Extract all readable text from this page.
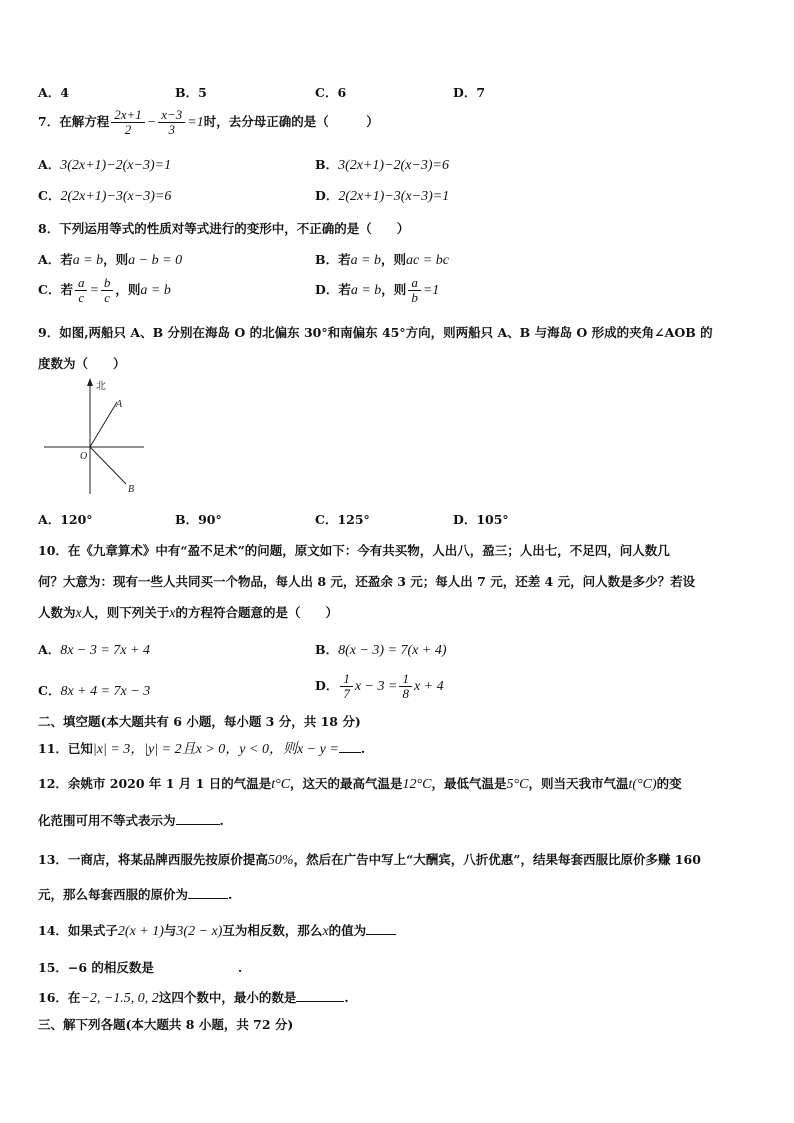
A．4	B．5	C．6	D．7
7．在解方程 $\frac{2x+1}{2} - \frac{x-3}{3} =1$时，去分母正确的是（　　　）
A．3(2x+1)−2(x−3)=1	B．3(2x+1)−2(x−3)=6
C．2(2x+1)−3(x−3)=6	D．2(2x+1)−3(x−3)=1
8．下列运用等式的性质对等式进行的变形中，不正确的是（　　）
A．若a = b，则a − b = 0	B．若a = b，则ac = bc
C．若 $\frac{a}{c} = \frac{b}{c}$ ，则a = b	D．若a = b，则 $\frac{a}{b} =1$
9．如图,两船只 A、B 分别在海岛 O 的北偏东 30°和南偏东 45°方向，则两船只 A、B 与海岛 O 形成的夹角∠AOB 的
度数为（　　）
北
A
O
B
A．120°	B．90°	C．125°	D．105°
10．在《九章算术》中有“盈不足术”的问题，原文如下：今有共买物，人出八，盈三；人出七，不足四，问人数几
何？大意为：现有一些人共同买一个物品，每人出 8 元，还盈余 3 元；每人出 7 元，还差 4 元，问人数是多少？若设
人数为x人，则下列关于x的方程符合题意的是（　　）
A．8x − 3 = 7x + 4	B．8(x − 3) = 7(x + 4)
C．8x + 4 = 7x − 3	D． $\frac{1}{7}$ $x - 3 = \frac{1}{8}$ x + 4
二、填空题(本大题共有 6 小题，每小题 3 分，共 18 分)
11．已知|x| = 3，|y| = 2且x > 0，y < 0，则x − y = .
12．余姚市 2020 年 1 月 1 日的气温是t°C，这天的最高气温是12°C，最低气温是5°C，则当天我市气温t(°C)的变
化范围可用不等式表示为	.
13．一商店，将某品牌西服先按原价提高50%，然后在广告中写上“大酬宾，八折优惠”，结果每套西服比原价多赚 160
元，那么每套西服的原价为	.
14．如果式子2(x + 1)与3(2 − x)互为相反数，那么x的值为
15．−6 的相反数是	.
16．在−2, −1.5, 0, 2这四个数中，最小的数是	.
三、解下列各题(本大题共 8 小题，共 72 分)
